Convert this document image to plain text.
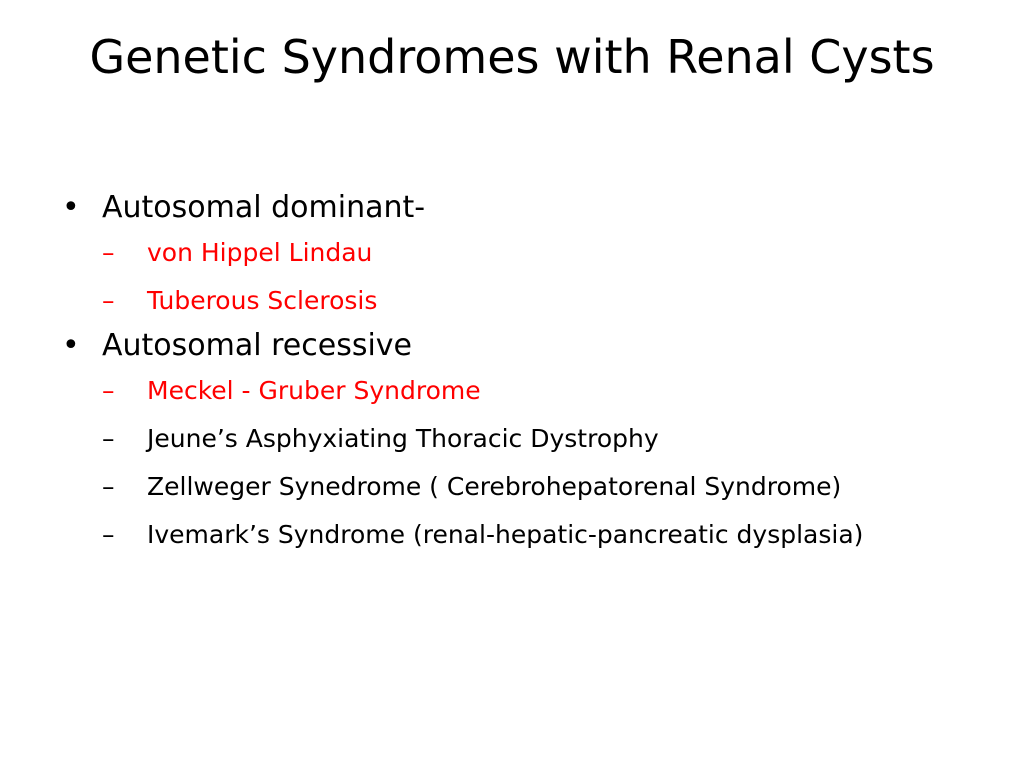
Genetic Syndromes with Renal Cysts
• Autosomal dominant-
– von Hippel Lindau
– Tuberous Sclerosis
• Autosomal recessive
– Meckel - Gruber Syndrome
– Jeune’s Asphyxiating Thoracic Dystrophy
– Zellweger Synedrome ( Cerebrohepatorenal Syndrome)
– Ivemark’s Syndrome (renal-hepatic-pancreatic dysplasia)
